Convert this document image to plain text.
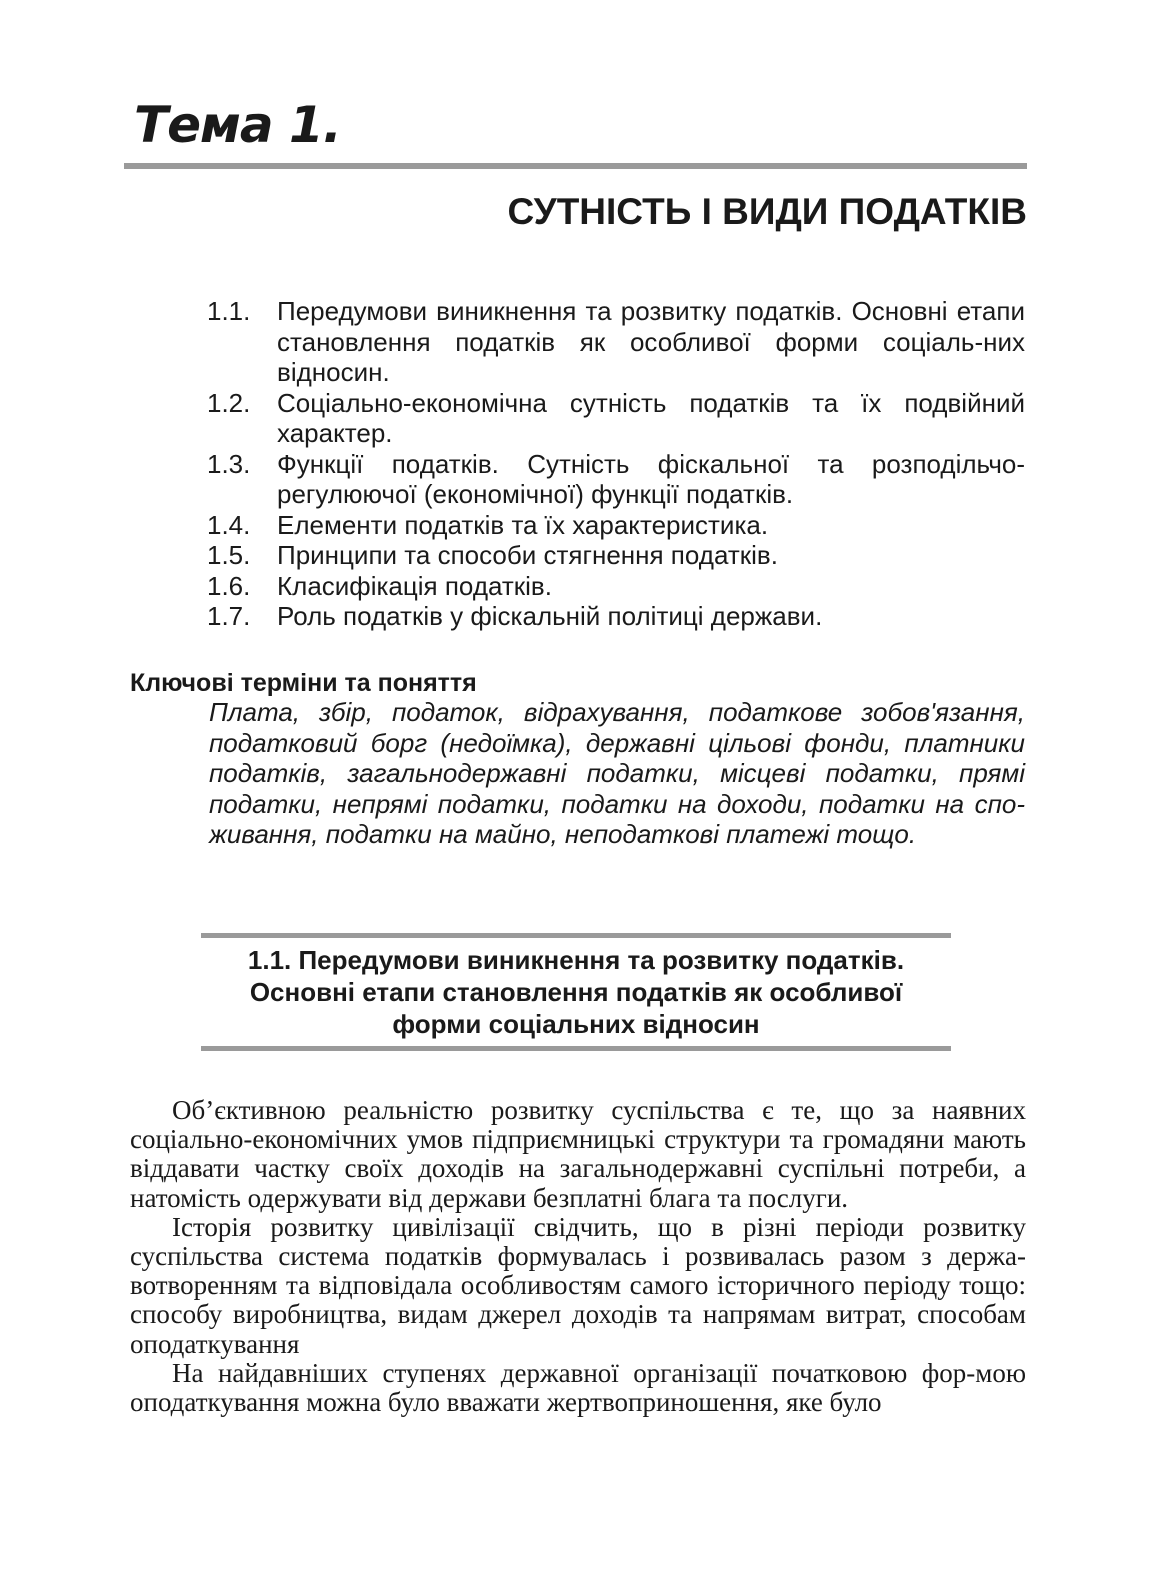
Тема 1.
СУТНІСТЬ І ВИДИ ПОДАТКІВ
1.1.	Передумови виникнення та розвитку податків. Основні етапи становлення податків як особливої форми соціаль-них відносин.
1.2.	Соціально-економічна сутність податків та їх подвійний характер.
1.3.	Функції податків. Сутність фіскальної та розподільчо-регулюючої (економічної) функції податків.
1.4.	Елементи податків та їх характеристика.
1.5.	Принципи та способи стягнення податків.
1.6.	Класифікація податків.
1.7.	Роль податків у фіскальній політиці держави.
Ключові терміни та поняття
Плата, збір, податок, відрахування, податкове зобов'язання, податковий борг (недоїмка), державні цільові фонди, платники податків, загальнодержавні податки, місцеві податки, прямі податки, непрямі податки, податки на доходи, податки на спо-живання, податки на майно, неподаткові платежі тощо.
1.1. Передумови виникнення та розвитку податків.
Основні етапи становлення податків як особливої
форми соціальних відносин

Об’єктивною реальністю розвитку суспільства є те, що за наявних соціально-економічних умов підприємницькі структури та громадяни мають віддавати частку своїх доходів на загальнодержавні суспільні потреби, а натомість одержувати від держави безплатні блага та послуги.

Історія розвитку цивілізації свідчить, що в різні періоди розвитку суспільства система податків формувалась і розвивалась разом з держа-вотворенням та відповідала особливостям самого історичного періоду тощо: способу виробництва, видам джерел доходів та напрямам витрат, способам оподаткування

На найдавніших ступенях державної організації початковою фор-мою оподаткування можна було вважати жертвоприношення, яке було
